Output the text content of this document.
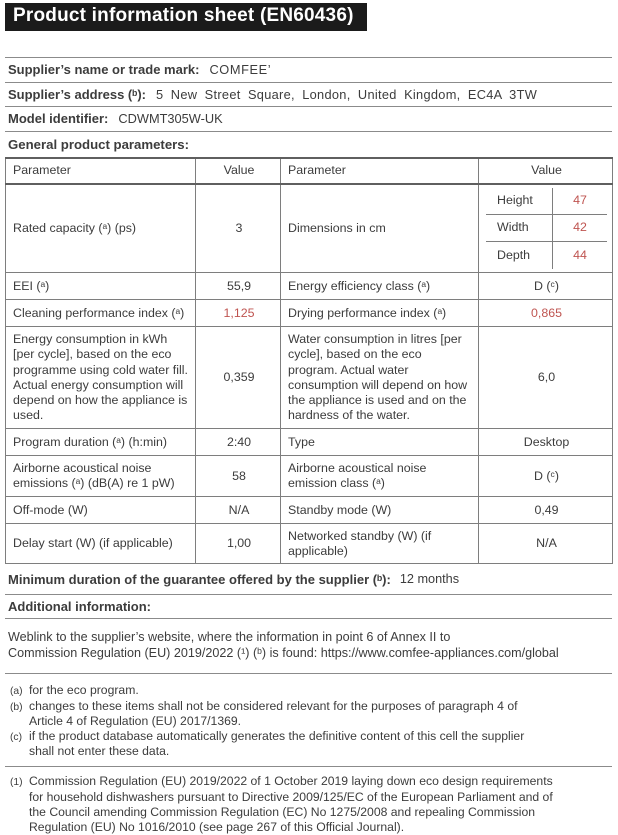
Product information sheet (EN60436)
Supplier’s name or trade mark: COMFEE’
Supplier’s address (ᵇ): 5 New Street Square, London, United Kingdom, EC4A 3TW
Model identifier: CDWMT305W-UK
General product parameters:
Parameter	Value	Parameter	Value
Rated capacity (ᵃ) (ps)	3	Dimensions in cm	
Height	47
Width	42
Depth	44

EEI (ᵃ)	55,9	Energy efficiency class (ᵃ)	D (ᶜ)
Cleaning performance index (ᵃ)	1,125	Drying performance index (ᵃ)	0,865
Energy consumption in kWh [per cycle], based on the eco programme using cold water fill. Actual energy consumption will depend on how the appliance is used.	0,359	Water consumption in litres [per cycle], based on the eco program. Actual water consumption will depend on how the appliance is used and on the hardness of the water.	6,0
Program duration (ᵃ) (h:min)	2:40	Type	Desktop
Airborne acoustical noise emissions (ᵃ) (dB(A) re 1 pW)	58	Airborne acoustical noise emission class (ᵃ)	D (ᶜ)
Off-mode (W)	N/A	Standby mode (W)	0,49
Delay start (W) (if applicable)	1,00	Networked standby (W) (if applicable)	N/A
Minimum duration of the guarantee offered by the supplier (ᵇ): 12 months
Additional information:
Weblink to the supplier’s website, where the information in point 6 of Annex II to
Commission Regulation (EU) 2019/2022 (¹) (ᵇ) is found: https://www.comfee-appliances.com/global
(a) for the eco program.
(b) changes to these items shall not be considered relevant for the purposes of paragraph 4 of
Article 4 of Regulation (EU) 2017/1369.
(c) if the product database automatically generates the definitive content of this cell the supplier
shall not enter these data.
(1) Commission Regulation (EU) 2019/2022 of 1 October 2019 laying down eco design requirements
for household dishwashers pursuant to Directive 2009/125/EC of the European Parliament and of
the Council amending Commission Regulation (EC) No 1275/2008 and repealing Commission
Regulation (EU) No 1016/2010 (see page 267 of this Official Journal).
